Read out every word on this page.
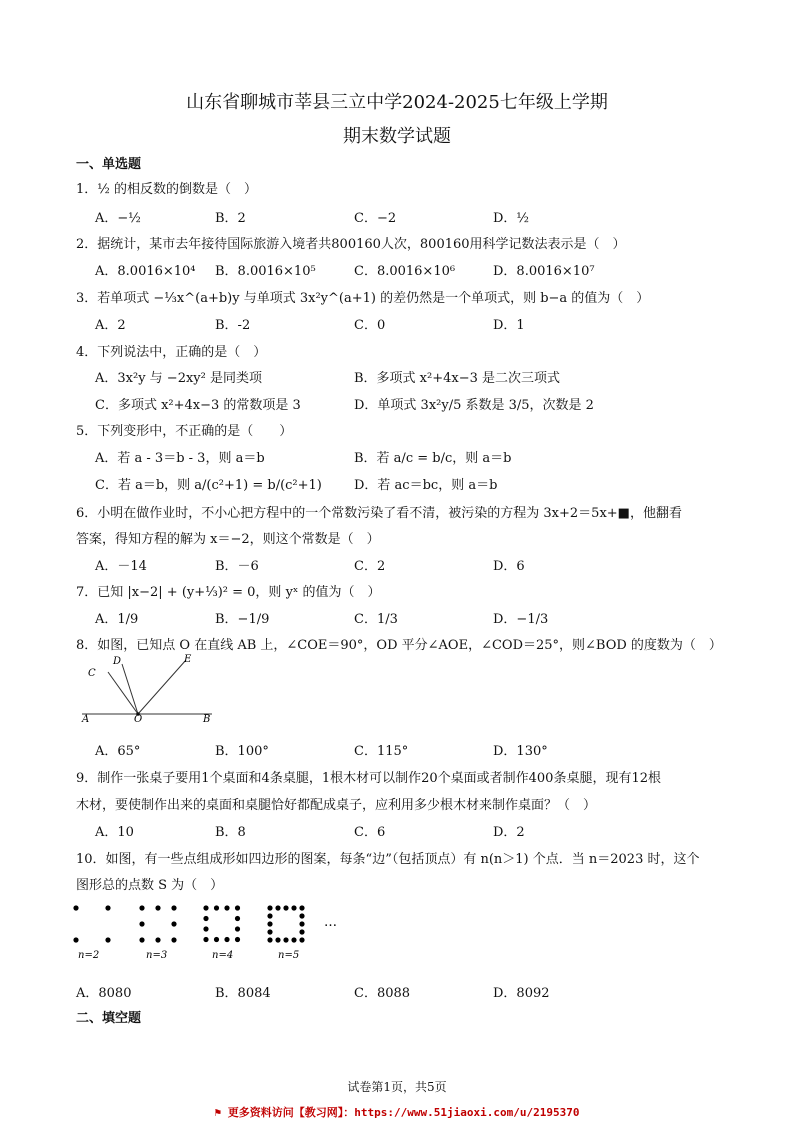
山东省聊城市莘县三立中学2024-2025七年级上学期
期末数学试题
一、单选题
1．½ 的相反数的倒数是（　）
A．−½	B．2	C．−2	D．½
2．据统计，某市去年接待国际旅游入境者共800160人次，800160用科学记数法表示是（　）
A．8.0016×10⁴ B．8.0016×10⁵	C．8.0016×10⁶	D．8.0016×10⁷
3．若单项式 −⅓x^(a+b)y 与单项式 3x²y^(a+1) 的差仍然是一个单项式，则 b−a 的值为（　）
A．2	B．-2	C．0	D．1
4．下列说法中，正确的是（　）
A．3x²y 与 −2xy² 是同类项	B．多项式 x²+4x−3 是二次三项式
C．多项式 x²+4x−3 的常数项是 3	D．单项式 3x²y/5 系数是 3/5，次数是 2
5．下列变形中，不正确的是（　　）
A．若 a - 3＝b - 3，则 a＝b	B．若 a/c = b/c，则 a＝b
C．若 a＝b，则 a/(c²+1) = b/(c²+1) D．若 ac＝bc，则 a＝b
6．小明在做作业时，不小心把方程中的一个常数污染了看不清，被污染的方程为 3x+2＝5x+■，他翻看
答案，得知方程的解为 x＝−2，则这个常数是（　）
A．－14	B．－6	C．2	D．6
7．已知 |x−2| + (y+⅓)² = 0，则 yˣ 的值为（　）
A．1/9	B．−1/9	C．1/3	D．−1/3
8．如图，已知点 O 在直线 AB 上，∠COE＝90°，OD 平分∠AOE，∠COD＝25°，则∠BOD 的度数为（　）
A	O	B
C
D	E
A．65°	B．100°	C．115°	D．130°
9．制作一张桌子要用1个桌面和4条桌腿，1根木材可以制作20个桌面或者制作400条桌腿，现有12根
木材，要使制作出来的桌面和桌腿恰好都配成桌子，应利用多少根木材来制作桌面？（　）
A．10	B．8	C．6	D．2
10．如图，有一些点组成形如四边形的图案，每条“边”（包括顶点）有 n(n＞1) 个点．当 n＝2023 时，这个
图形总的点数 S 为（　）
n=2	n=3	n=4	n=5
…
A．8080	B．8084	C．8088	D．8092
二、填空题
试卷第1页，共5页
⚑ 更多资料访问【教习网】：https://www.51jiaoxi.com/u/2195370
